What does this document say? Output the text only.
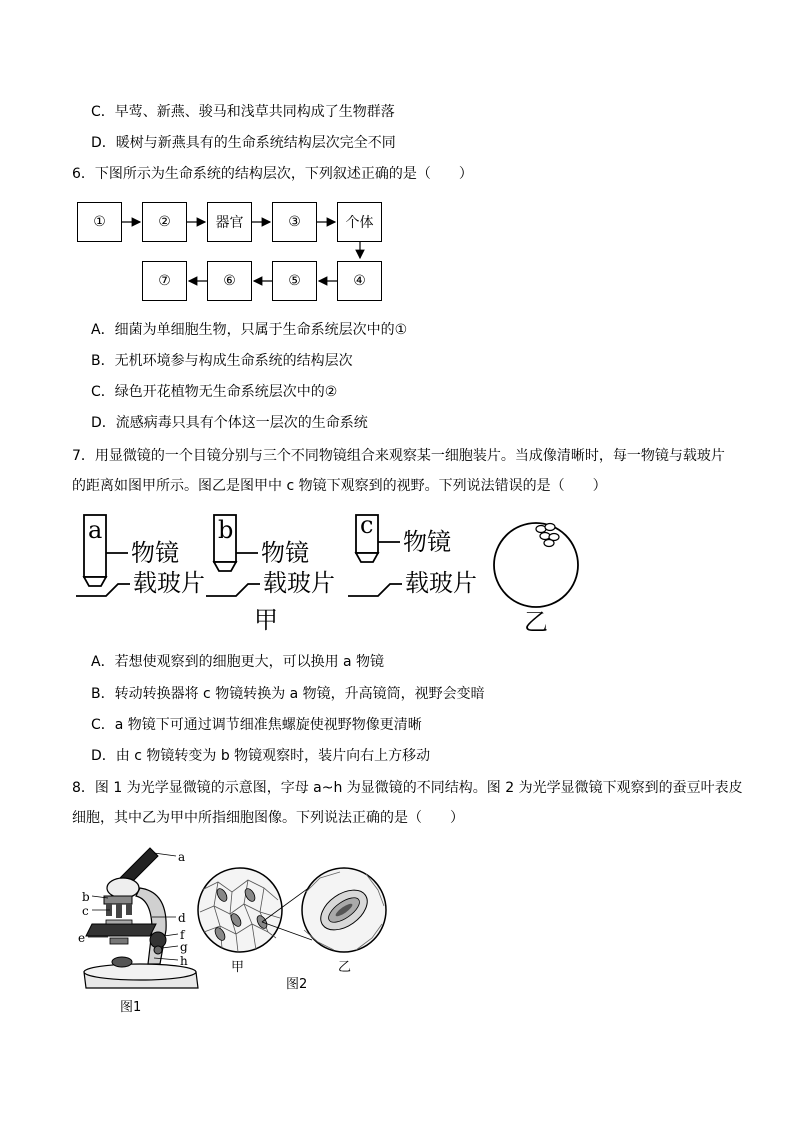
C．早莺、新燕、骏马和浅草共同构成了生物群落
D．暖树与新燕具有的生命系统结构层次完全不同
6．下图所示为生命系统的结构层次，下列叙述正确的是（　　）
①	②	器官	③	个体
④
⑤
⑥
⑦
A．细菌为单细胞生物，只属于生命系统层次中的①
B．无机环境参与构成生命系统的结构层次
C．绿色开花植物无生命系统层次中的②
D．流感病毒只具有个体这一层次的生命系统
7．用显微镜的一个目镜分别与三个不同物镜组合来观察某一细胞装片。当成像清晰时，每一物镜与载玻片
的距离如图甲所示。图乙是图甲中 c 物镜下观察到的视野。下列说法错误的是（　　）
a	b	c
物镜	物镜	物镜
载玻片 载玻片	载玻片
甲	乙
A．若想使观察到的细胞更大，可以换用 a 物镜
B．转动转换器将 c 物镜转换为 a 物镜，升高镜筒，视野会变暗
C．a 物镜下可通过调节细准焦螺旋使视野物像更清晰
D．由 c 物镜转变为 b 物镜观察时，装片向右上方移动
8．图 1 为光学显微镜的示意图，字母 a~h 为显微镜的不同结构。图 2 为光学显微镜下观察到的蚕豆叶表皮
细胞，其中乙为甲中所指细胞图像。下列说法正确的是（　　）
a
b
c	d
e	f
g
h
图1
甲	乙
图2
